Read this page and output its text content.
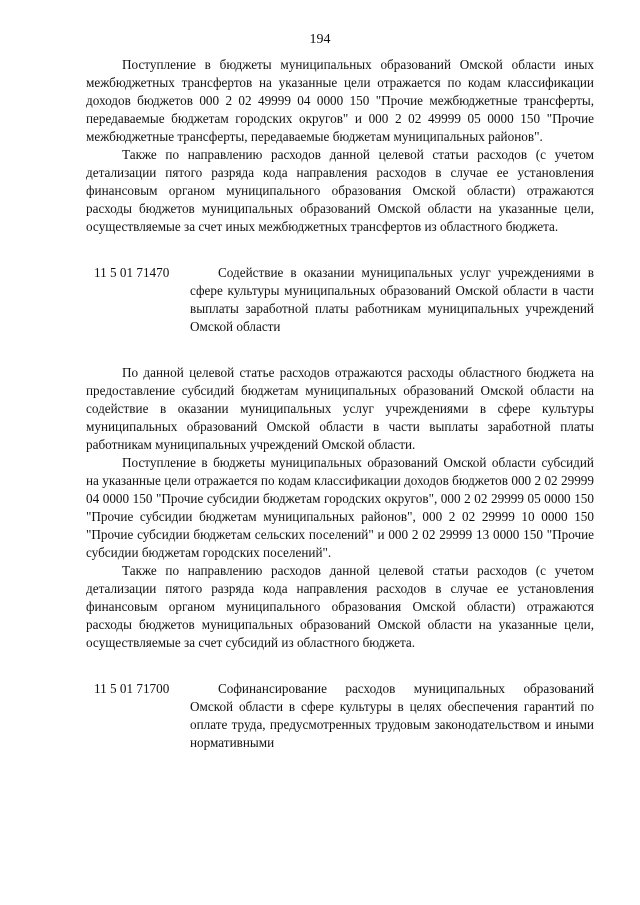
194

Поступление в бюджеты муниципальных образований Омской области иных межбюджетных трансфертов на указанные цели отражается по кодам классификации доходов бюджетов 000 2 02 49999 04 0000 150 "Прочие межбюджетные трансферты, передаваемые бюджетам городских округов" и 000 2 02 49999 05 0000 150 "Прочие межбюджетные трансферты, передаваемые бюджетам муниципальных районов".

Также по направлению расходов данной целевой статьи расходов (с учетом детализации пятого разряда кода направления расходов в случае ее установления финансовым органом муниципального образования Омской области) отражаются расходы бюджетов муниципальных образований Омской области на указанные цели, осуществляемые за счет иных межбюджетных трансфертов из областного бюджета.

11 5 01 71470	Содействие в оказании муниципальных услуг учреждениями в сфере культуры муниципальных образований Омской области в части выплаты заработной платы работникам муниципальных учреждений Омской области

По данной целевой статье расходов отражаются расходы областного бюджета на предоставление субсидий бюджетам муниципальных образований Омской области на содействие в оказании муниципальных услуг учреждениями в сфере культуры муниципальных образований Омской области в части выплаты заработной платы работникам муниципальных учреждений Омской области.

Поступление в бюджеты муниципальных образований Омской области субсидий на указанные цели отражается по кодам классификации доходов бюджетов 000 2 02 29999 04 0000 150 "Прочие субсидии бюджетам городских округов", 000 2 02 29999 05 0000 150 "Прочие субсидии бюджетам муниципальных районов", 000 2 02 29999 10 0000 150 "Прочие субсидии бюджетам сельских поселений" и 000 2 02 29999 13 0000 150 "Прочие субсидии бюджетам городских поселений".

Также по направлению расходов данной целевой статьи расходов (с учетом детализации пятого разряда кода направления расходов в случае ее установления финансовым органом муниципального образования Омской области) отражаются расходы бюджетов муниципальных образований Омской области на указанные цели, осуществляемые за счет субсидий из областного бюджета.

11 5 01 71700	Софинансирование расходов муниципальных образований Омской области в сфере культуры в целях обеспечения гарантий по оплате труда, предусмотренных трудовым законодательством и иными нормативными
